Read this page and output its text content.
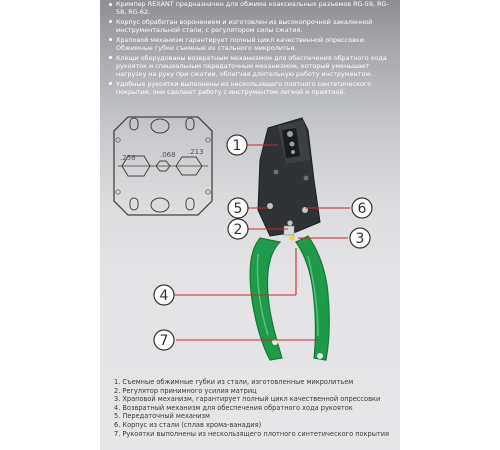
Кримпер REXANT предназначен для обжима коаксиальных разъемов RG-59, RG-58, RG-62.

Корпус обработан воронением и изготовлен из высокопрочной закаленной инструментальной стали, с регулятором силы сжатия.

Храповой механизм гарантирует полный цикл качественной опрессовки. Обжимные губки съемные из стального микролитья.

Клещи оборудованы возвратным механизмом для обеспечения обратного хода рукояток и специальным передаточным механизмом, который уменьшает нагрузку на руку при сжатии, облегчая длительную работу инструментом.

Удобные рукоятки выполнены из нескользящего плотного синтетического покрытия, они сделают работу с инструментом легкой и приятной.

.256	.068 .213 1
5
2
6
3
4
7
1. Съемные обжимные губки из стали, изготовленные микролитьем
2. Регулятор принимного усилия матриц
3. Храповой механизм, гарантирует полный цикл качественной опрессовки
4. Возвратный механизм для обеспечения обратного хода рукояток
5. Передаточный механизм
6. Корпус из стали (сплав хрома-ванадия)
7. Рукоятки выполнены из нескользящего плотного синтетического покрытия
